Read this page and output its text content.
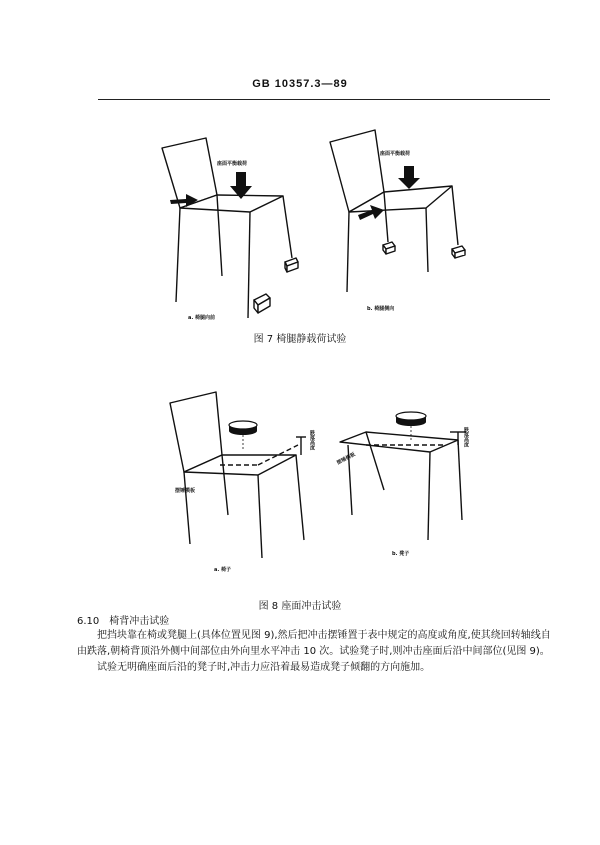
GB 10357.3—89
座面平衡载荷
a. 椅腿向前
座面平衡载荷
b. 椅腿侧向
图 7 椅腿静载荷试验
跌落高度
摆锤模板
a. 椅子
摆锤模板
跌落高度
b. 凳子
图 8 座面冲击试验
6.10 椅背冲击试验

把挡块靠在椅或凳腿上(具体位置见图 9),然后把冲击摆锤置于表中规定的高度或角度,使其绕回转轴线自由跌落,朝椅背顶沿外侧中间部位由外向里水平冲击 10 次。试验凳子时,则冲击座面后沿中间部位(见图 9)。

试验无明确座面后沿的凳子时,冲击力应沿着最易造成凳子倾翻的方向施加。
